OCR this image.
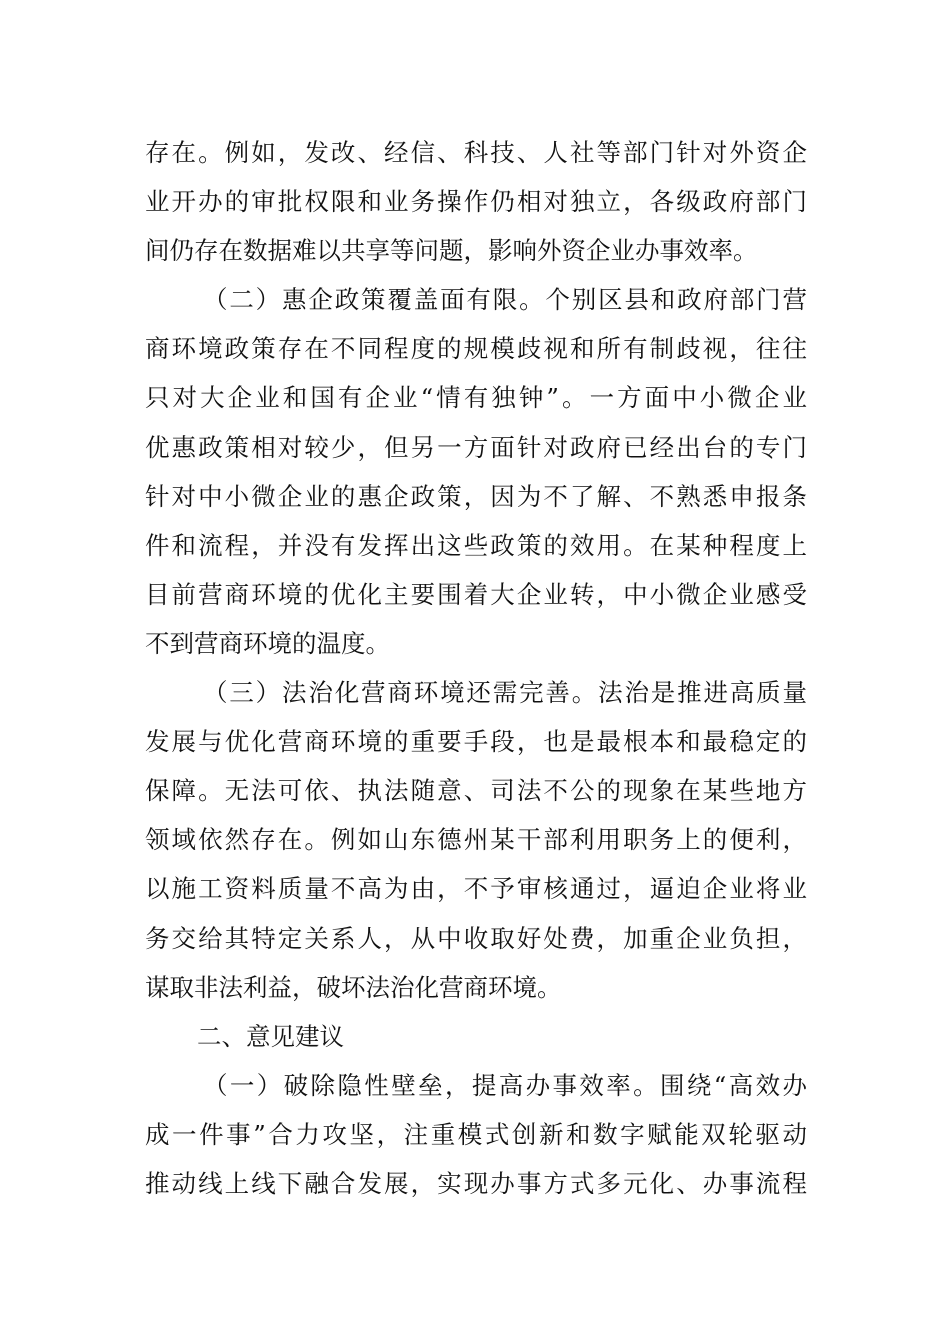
存在。例如，发改、经信、科技、人社等部门针对外资企
业开办的审批权限和业务操作仍相对独立，各级政府部门
间仍存在数据难以共享等问题，影响外资企业办事效率。
（二）惠企政策覆盖面有限。个别区县和政府部门营
商环境政策存在不同程度的规模歧视和所有制歧视，往往
只对大企业和国有企业“情有独钟”。一方面中小微企业
优惠政策相对较少，但另一方面针对政府已经出台的专门
针对中小微企业的惠企政策，因为不了解、不熟悉申报条
件和流程，并没有发挥出这些政策的效用。在某种程度上
目前营商环境的优化主要围着大企业转，中小微企业感受
不到营商环境的温度。
（三）法治化营商环境还需完善。法治是推进高质量
发展与优化营商环境的重要手段，也是最根本和最稳定的
保障。无法可依、执法随意、司法不公的现象在某些地方
领域依然存在。例如山东德州某干部利用职务上的便利，
以施工资料质量不高为由，不予审核通过，逼迫企业将业
务交给其特定关系人，从中收取好处费，加重企业负担，
谋取非法利益，破坏法治化营商环境。
二、意见建议
（一）破除隐性壁垒，提高办事效率。围绕“高效办
成一件事”合力攻坚，注重模式创新和数字赋能双轮驱动
推动线上线下融合发展，实现办事方式多元化、办事流程
